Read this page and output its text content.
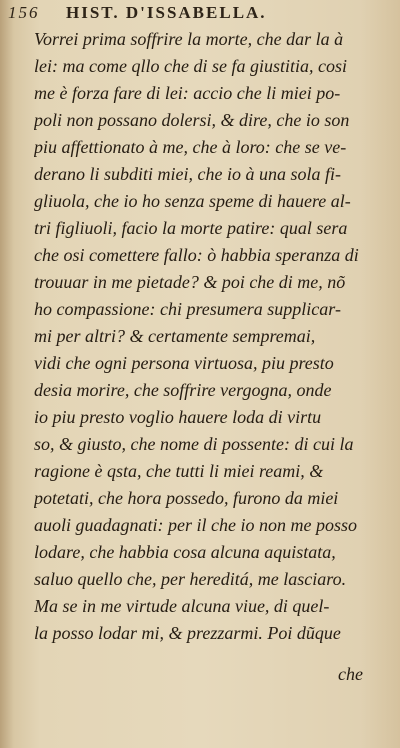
156 HIST. D'ISSABELLA.
Vorrei prima soffrire la morte, che dar la à
lei: ma come qllo che di se fa giustitia, cosi
me è forza fare di lei: accio che li miei po-
poli non possano dolersi, & dire, che io son
piu affettionato à me, che à loro: che se ve-
derano li subditi miei, che io à una sola fi-
gliuola, che io ho senza speme di hauere al-
tri figliuoli, facio la morte patire: qual sera
che osi comettere fallo: ò habbia speranza di
trouuar in me pietade? & poi che di me, nõ
ho compassione: chi presumera supplicar-
mi per altri? & certamente sempremai,
vidi che ogni persona virtuosa, piu presto
desia morire, che soffrire vergogna, onde
io piu presto voglio hauere loda di virtu
so, & giusto, che nome di possente: di cui la
ragione è qsta, che tutti li miei reami, &
potetati, che hora possedo, furono da miei
auoli guadagnati: per il che io non me posso
lodare, che habbia cosa alcuna aquistata,
saluo quello che, per hereditá, me lasciaro.
Ma se in me virtude alcuna viue, di quel-
la posso lodar mi, & prezzarmi. Poi dũque
che
